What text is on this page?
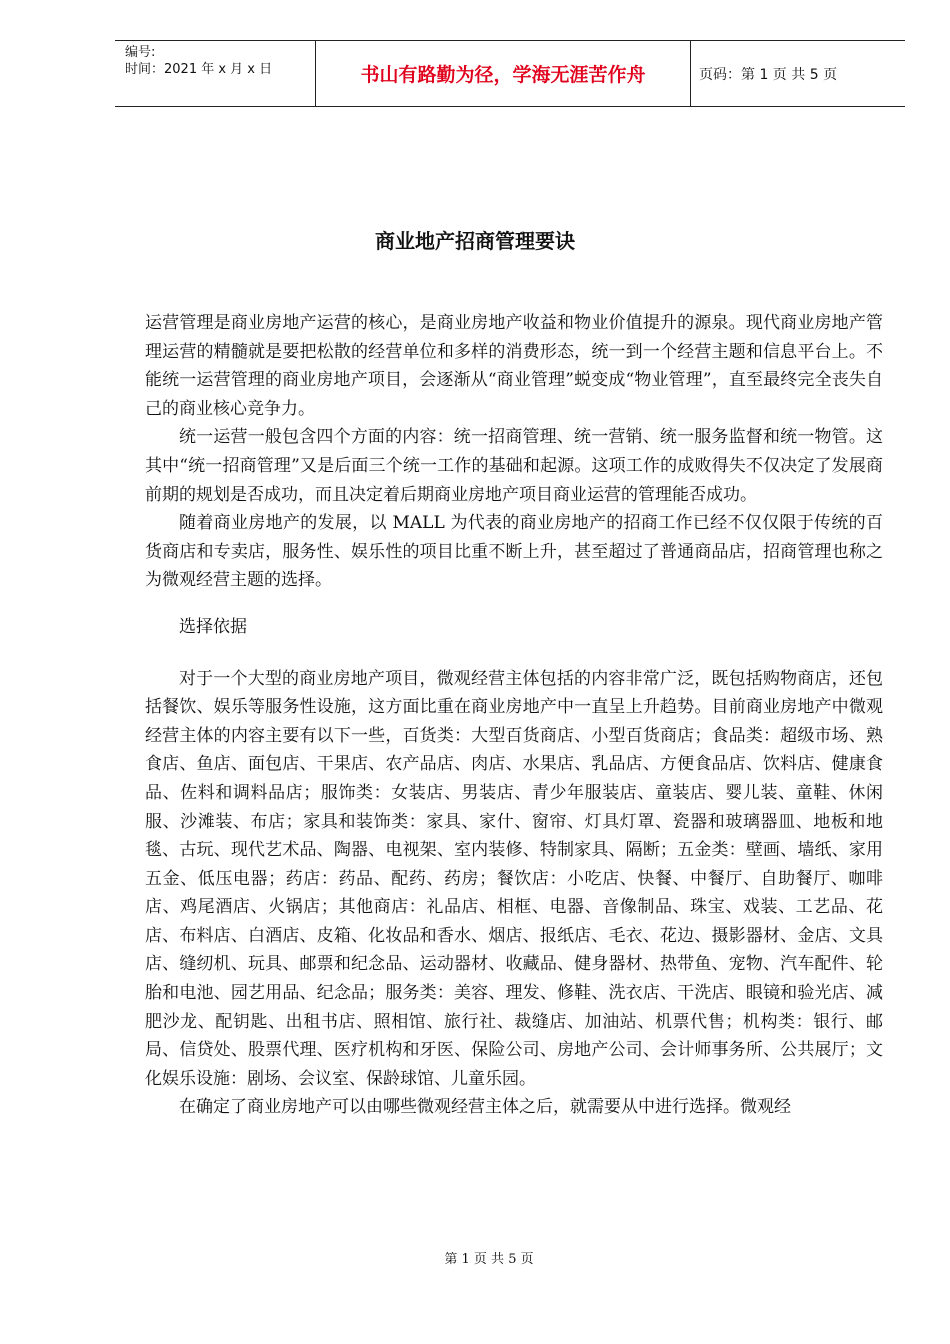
编号:
时间：2021 年 x 月 x 日	书山有路勤为径，学海无涯苦作舟	页码：第 1 页 共 5 页
商业地产招商管理要诀

运营管理是商业房地产运营的核心，是商业房地产收益和物业价值提升的源泉。现代商业房地产管理运营的精髓就是要把松散的经营单位和多样的消费形态，统一到一个经营主题和信息平台上。不能统一运营管理的商业房地产项目，会逐渐从“商业管理”蜕变成“物业管理”，直至最终完全丧失自己的商业核心竞争力。

统一运营一般包含四个方面的内容：统一招商管理、统一营销、统一服务监督和统一物管。这其中“统一招商管理”又是后面三个统一工作的基础和起源。这项工作的成败得失不仅决定了发展商前期的规划是否成功，而且决定着后期商业房地产项目商业运营的管理能否成功。

随着商业房地产的发展，以 MALL 为代表的商业房地产的招商工作已经不仅仅限于传统的百货商店和专卖店，服务性、娱乐性的项目比重不断上升，甚至超过了普通商品店，招商管理也称之为微观经营主题的选择。

选择依据

对于一个大型的商业房地产项目，微观经营主体包括的内容非常广泛，既包括购物商店，还包括餐饮、娱乐等服务性设施，这方面比重在商业房地产中一直呈上升趋势。目前商业房地产中微观经营主体的内容主要有以下一些，百货类：大型百货商店、小型百货商店；食品类：超级市场、熟食店、鱼店、面包店、干果店、农产品店、肉店、水果店、乳品店、方便食品店、饮料店、健康食品、佐料和调料品店；服饰类：女装店、男装店、青少年服装店、童装店、婴儿装、童鞋、休闲服、沙滩装、布店；家具和装饰类：家具、家什、窗帘、灯具灯罩、瓷器和玻璃器皿、地板和地毯、古玩、现代艺术品、陶器、电视架、室内装修、特制家具、隔断；五金类：壁画、墙纸、家用五金、低压电器；药店：药品、配药、药房；餐饮店：小吃店、快餐、中餐厅、自助餐厅、咖啡店、鸡尾酒店、火锅店；其他商店：礼品店、相框、电器、音像制品、珠宝、戏装、工艺品、花店、布料店、白酒店、皮箱、化妆品和香水、烟店、报纸店、毛衣、花边、摄影器材、金店、文具店、缝纫机、玩具、邮票和纪念品、运动器材、收藏品、健身器材、热带鱼、宠物、汽车配件、轮胎和电池、园艺用品、纪念品；服务类：美容、理发、修鞋、洗衣店、干洗店、眼镜和验光店、减肥沙龙、配钥匙、出租书店、照相馆、旅行社、裁缝店、加油站、机票代售；机构类：银行、邮局、信贷处、股票代理、医疗机构和牙医、保险公司、房地产公司、会计师事务所、公共展厅；文化娱乐设施：剧场、会议室、保龄球馆、儿童乐园。

在确定了商业房地产可以由哪些微观经营主体之后，就需要从中进行选择。微观经

第 1 页 共 5 页
